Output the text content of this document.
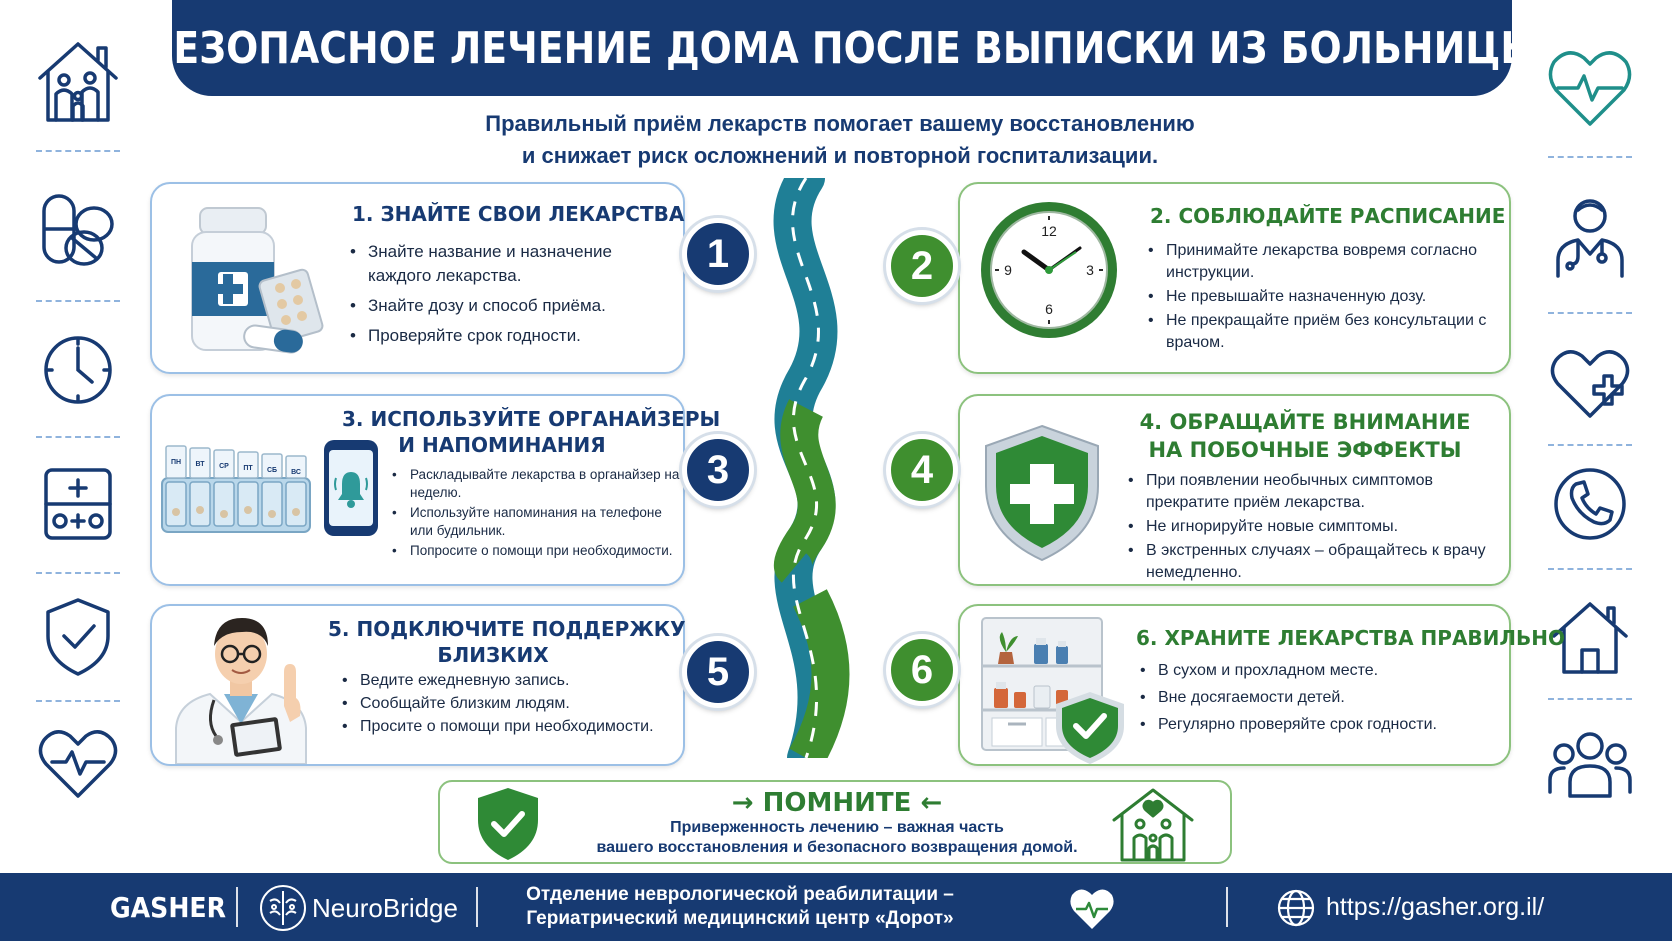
БЕЗОПАСНОЕ ЛЕЧЕНИЕ ДОМА ПОСЛЕ ВЫПИСКИ ИЗ БОЛЬНИЦЫ
Правильный приём лекарств помогает вашему восстановлению
и снижает риск осложнений и повторной госпитализации.
1. ЗНАЙТЕ СВОИ ЛЕКАРСТВА
• Знайте название и назначение каждого лекарства.
• Знайте дозу и способ приёма.
• Проверяйте срок годности.
1
12
3
6
9
2. СОБЛЮДАЙТЕ РАСПИСАНИЕ
• Принимайте лекарства вовремя согласно инструкции.
• Не превышайте назначенную дозу.
• Не прекращайте приём без консультации с врачом.
2
ПН ВТ СР ПТ СБ ВС
3. ИСПОЛЬЗУЙТЕ ОРГАНАЙЗЕРЫ
И НАПОМИНАНИЯ
• Раскладывайте лекарства в органайзер на неделю.
• Используйте напоминания на телефоне или будильник.
• Попросите о помощи при необходимости.
3
4. ОБРАЩАЙТЕ ВНИМАНИЕ
НА ПОБОЧНЫЕ ЭФФЕКТЫ
• При появлении необычных симптомов прекратите приём лекарства.
• Не игнорируйте новые симптомы.
• В экстренных случаях – обращайтесь к врачу немедленно.
4
5. ПОДКЛЮЧИТЕ ПОДДЕРЖКУ
БЛИЗКИХ
• Ведите ежедневную запись.
• Сообщайте близким людям.
• Просите о помощи при необходимости.
5
6. ХРАНИТЕ ЛЕКАРСТВА ПРАВИЛЬНО
• В сухом и прохладном месте.
• Вне досягаемости детей.
• Регулярно проверяйте срок годности.
6
→ ПОМНИТЕ ←
Приверженность лечению – важная часть
вашего восстановления и безопасного возвращения домой.
GASHER	NeuroBridge	Отделение неврологической реабилитации –
Гериатрический медицинский центр «Дорот»	https://gasher.org.il/
